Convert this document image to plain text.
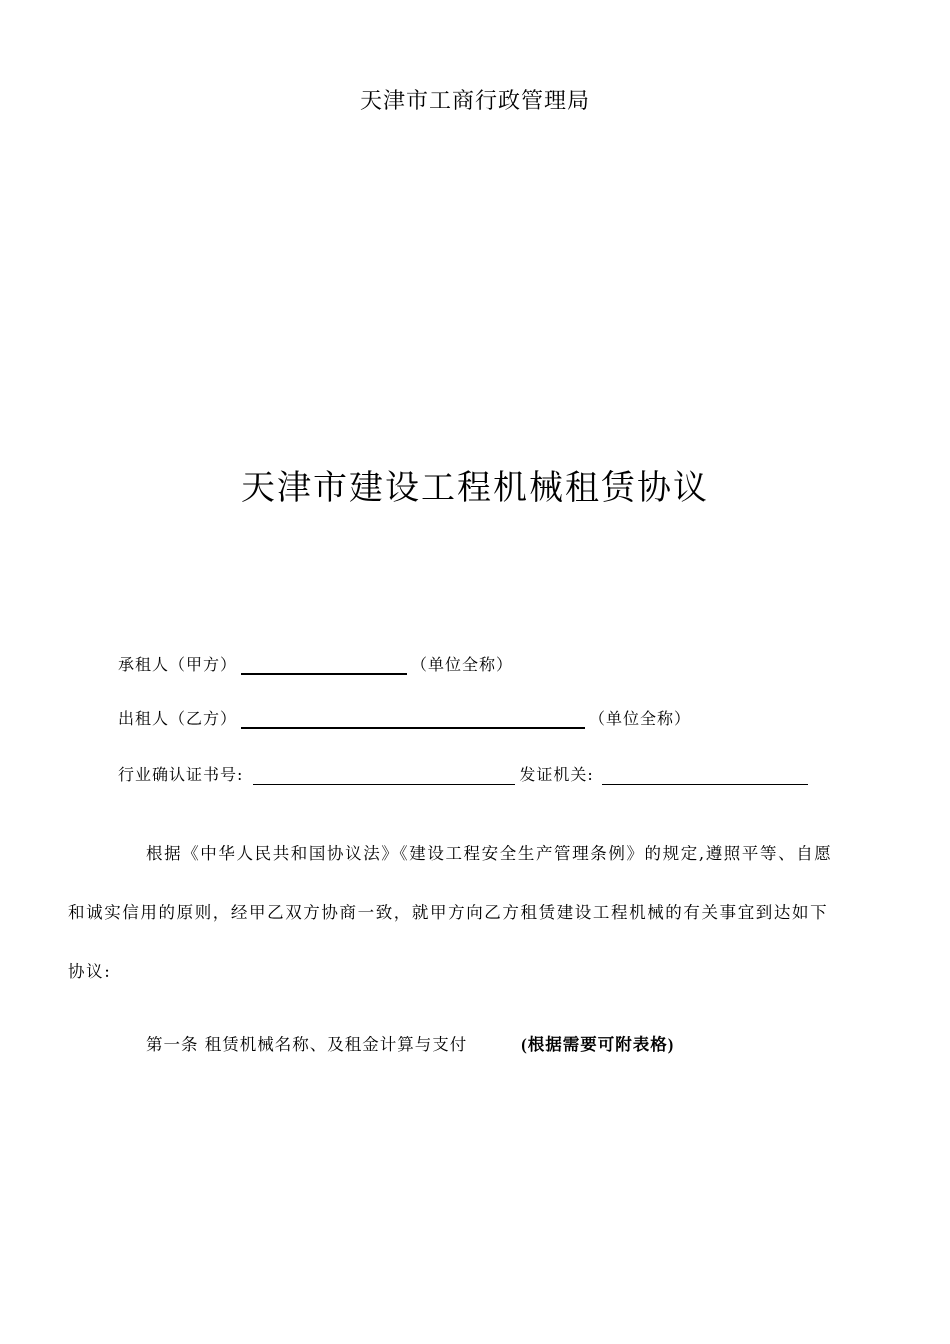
天津市工商行政管理局
天津市建设工程机械租赁协议
承租人（甲方）	（单位全称）
出租人（乙方）	（单位全称）
行业确认证书号:	发证机关:
根据《中华人民共和国协议法》《建设工程安全生产管理条例》的规定,遵照平等、自愿
和诚实信用的原则，经甲乙双方协商一致，就甲方向乙方租赁建设工程机械的有关事宜到达如下
协议:
第一条 租赁机械名称、及租金计算与支付	(根据需要可附表格)
